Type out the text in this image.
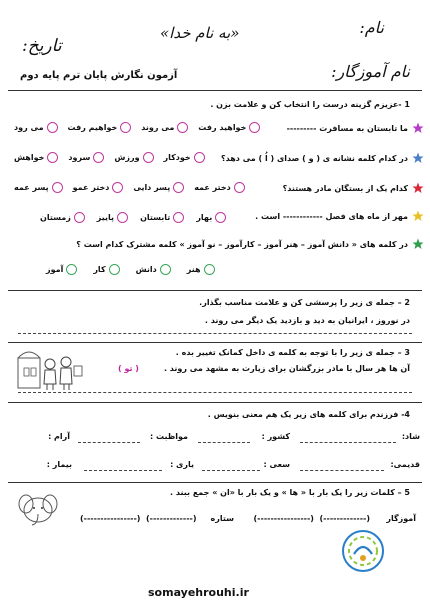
نام:
«به نام خدا»
تاریخ:
نام آموزگار:
آزمون نگارش پایان ترم پایه دوم
1 -عزیزم گزینه درست را انتخاب کن و علامت بزن .
ما تابستان به مسافرت ---------
خواهید رفت
می روند
خواهیم رفت
می رود
در کدام کلمه نشانه ی ( و ) صدای ( اُ ) می دهد؟
خودکار
ورزش
سرود
خواهش
کدام یک از بستگان مادر هستند؟
دختر عمه
پسر دایی
دختر عمو
پسر عمه
مهر از ماه های فصل ------------ است .
بهار
تابستان
پاییز
زمستان
در کلمه های « دانش آموز – هنر آموز – کارآموز – نو آموز » کلمه مشترک کدام است ؟
هنر
دانش
کار
آموز
2 – جمله ی زیر را پرسشی کن و علامت مناسب بگذار.
در نوروز ، ایرانیان به دید و بازدید یک دیگر می روند .
3 – جمله ی زیر را با توجه به کلمه ی داخل کمانک تغییر بده .
آن ها هر سال با مادر بزرگشان برای زیارت به مشهد می روند .
( تو )
4- فرزندم برای کلمه های زیر یک هم معنی بنویس .
شاد:
کشور :
مواظبت :
آرام :
قدیمی:
سعی :
یاری :
بیمار :
5 – کلمات زیر را یک بار با « ها » و یک بار با «ان » جمع ببند .
آموزگار
(----------------)  (-------------)
ستاره
(----------------)  (-------------)
somayehrouhi.ir
